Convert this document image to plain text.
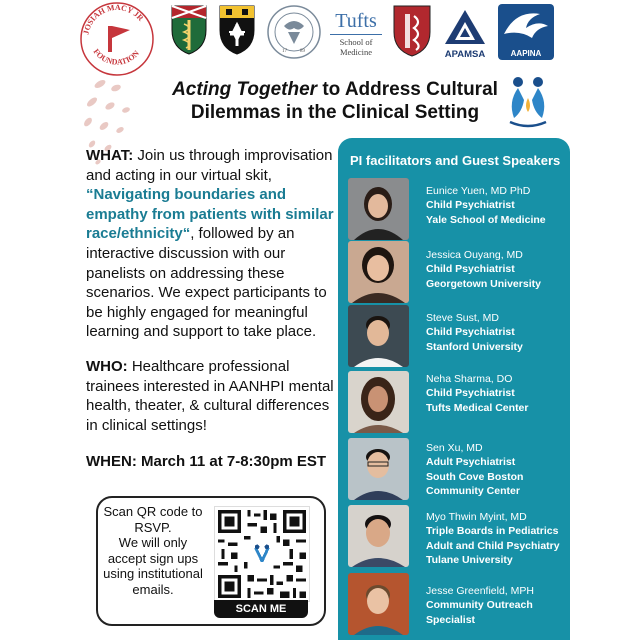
JOSIAH MACY JR
FOUNDATION	17	89
Tufts
School of Medicine	APAMSA	AAPINA
Acting Together to Address Cultural
Dilemmas in the Clinical Setting

WHAT: Join us through improvisation and acting in our virtual skit, “Navigating boundaries and empathy from patients with similar race/ethnicity“, followed by an interactive discussion with our panelists on addressing these scenarios. We expect participants to be highly engaged for meaningful learning and support to take place.

WHO: Healthcare professional trainees interested in AANHPI mental health, theater, & cultural differences in clinical settings!

WHEN: March 11 at 7-8:30pm EST

Scan QR code to RSVP.
We will only accept sign ups using institutional emails.
SCAN ME
PI facilitators and Guest Speakers
Eunice Yuen, MD PhD
Child Psychiatrist
Yale School of Medicine
Jessica Ouyang, MD
Child Psychiatrist
Georgetown University
Steve Sust, MD
Child Psychiatrist
Stanford University
Neha Sharma, DO
Child Psychiatrist
Tufts Medical Center
Sen Xu, MD
Adult Psychiatrist
South Cove Boston
Community Center
Myo Thwin Myint, MD
Triple Boards in Pediatrics
Adult and Child Psychiatry
Tulane University
Jesse Greenfield, MPH
Community Outreach
Specialist
